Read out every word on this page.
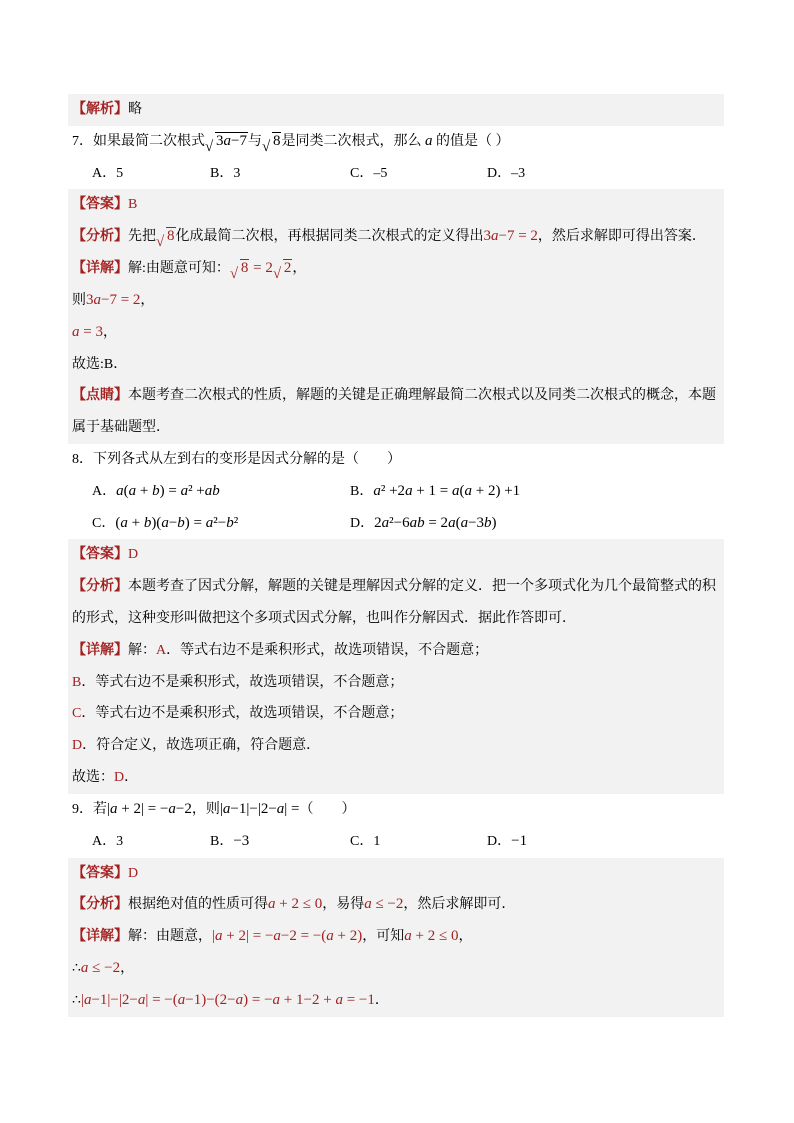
【解析】略
7．如果最简二次根式 √ 3a−7与 √ 8是同类二次根式，那么 a 的值是（ ）
A．5	B．3	C．–5	D．–3
【答案】B
【分析】先把 √ 8化成最简二次根，再根据同类二次根式的定义得出3a−7 = 2，然后求解即可得出答案．
【详解】解:由题意可知： √ 8 = 2 √ 2，
则3a−7 = 2，
a = 3，
故选:B．
【点睛】本题考查二次根式的性质，解题的关键是正确理解最简二次根式以及同类二次根式的概念，本题
属于基础题型．
8．下列各式从左到右的变形是因式分解的是（　　）
A．a(a + b) = a² +ab	B．a² +2a + 1 = a(a + 2) +1
C．(a + b)(a−b) = a²−b²	D．2a²−6ab = 2a(a−3b)
【答案】D
【分析】本题考查了因式分解，解题的关键是理解因式分解的定义．把一个多项式化为几个最简整式的积
的形式，这种变形叫做把这个多项式因式分解，也叫作分解因式．据此作答即可．
【详解】解：A．等式右边不是乘积形式，故选项错误，不合题意；
B．等式右边不是乘积形式，故选项错误，不合题意；
C．等式右边不是乘积形式，故选项错误，不合题意；
D．符合定义，故选项正确，符合题意．
故选：D．
9．若|a + 2| = −a−2，则|a−1|−|2−a| =（　　）
A．3	B．−3	C．1	D．−1
【答案】D
【分析】根据绝对值的性质可得a + 2 ≤ 0，易得a ≤ −2，然后求解即可．
【详解】解：由题意，|a + 2| = −a−2 = −(a + 2)，可知a + 2 ≤ 0，
∴a ≤ −2，
∴|a−1|−|2−a| = −(a−1)−(2−a) = −a + 1−2 + a = −1．
